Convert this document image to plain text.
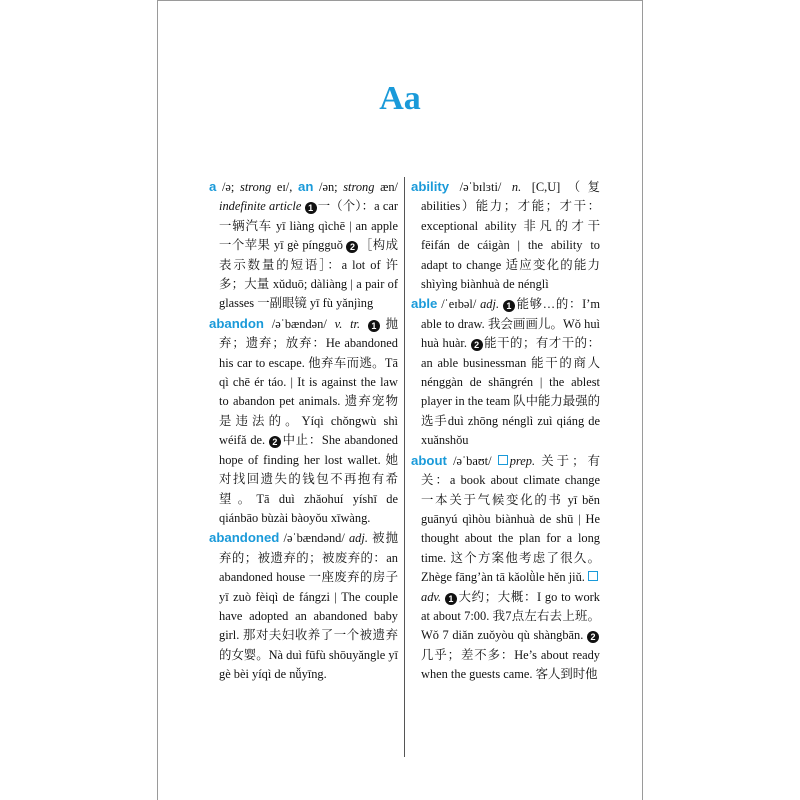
Aa

a /ə; strong eɪ/, an /ən; strong æn/ indefinite article 1 一（个）：a car 一辆汽车 yī liàng qìchē | an apple 一个苹果 yī gè píngguǒ 2 ［构成表示数量的短语］：a lot of 许多；大量 xǔduō; dàliàng | a pair of glasses 一副眼镜 yī fù yǎnjìng

abandon /əˈbændən/ v. tr. 1 抛弃；遗弃；放弃：He abandoned his car to escape. 他弃车而逃。Tā qì chē ér táo. | It is against the law to abandon pet animals. 遗弃宠物是违法的。Yíqì chǒngwù shì wéifǎ de. 2 中止：She abandoned hope of finding her lost wallet. 她对找回遗失的钱包不再抱有希望。Tā duì zhǎohuí yíshī de qiánbāo bùzài bàoyǒu xīwàng.

abandoned /əˈbændənd/ adj. 被抛弃的；被遗弃的；被废弃的：an abandoned house 一座废弃的房子 yī zuò fèiqì de fángzi | The couple have adopted an abandoned baby girl. 那对夫妇收养了一个被遗弃的女婴。Nà duì fūfù shōuyǎngle yī gè bèi yíqì de nǚyīng.

ability /əˈbɪlɜti/ n. [C,U]（复 abilities）能力；才能；才干：exceptional ability 非凡的才干 fēifán de cáigàn | the ability to adapt to change 适应变化的能力 shìyìng biànhuà de nénglì

able /ˈeɪbəl/ adj. 1 能够…的：I’m able to draw. 我会画画儿。Wǒ huì huà huàr. 2 能干的；有才干的：an able businessman 能干的商人 nénggàn de shāngrén | the ablest player in the team 队中能力最强的选手duì zhōng nénglì zuì qiáng de xuǎnshǒu

about /əˈbaʊt/ prep. 关于；有关：a book about climate change 一本关于气候变化的书 yī běn guānyú qìhòu biànhuà de shū | He thought about the plan for a long time. 这个方案他考虑了很久。Zhège fāng’àn tā kǎolǜle hěn jiǔ. adv. 1 大约；大概：I go to work at about 7:00. 我7点左右去上班。Wǒ 7 diǎn zuǒyòu qù shàngbān. 2几乎；差不多：He’s about ready when the guests came. 客人到时他
